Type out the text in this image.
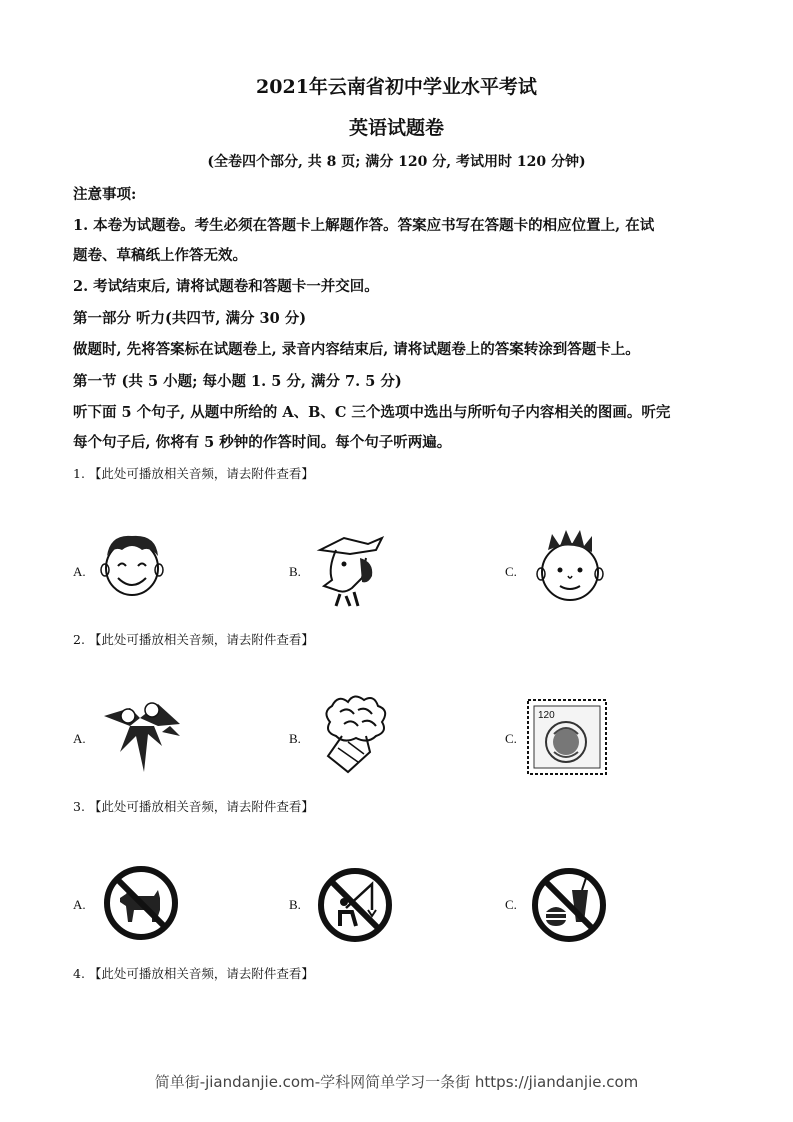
2021年云南省初中学业水平考试
英语试题卷
(全卷四个部分, 共 8 页; 满分 120 分, 考试用时 120 分钟)
注意事项:
1. 本卷为试题卷。考生必须在答题卡上解题作答。答案应书写在答题卡的相应位置上, 在试
题卷、草稿纸上作答无效。
2. 考试结束后, 请将试题卷和答题卡一并交回。
第一部分 听力(共四节, 满分 30 分)
做题时, 先将答案标在试题卷上, 录音内容结束后, 请将试题卷上的答案转涂到答题卡上。
第一节 (共 5 小题; 每小题 1. 5 分, 满分 7. 5 分)
听下面 5 个句子, 从题中所给的 A、B、C 三个选项中选出与所听句子内容相关的图画。听完
每个句子后, 你将有 5 秒钟的作答时间。每个句子听两遍。
1. 【此处可播放相关音频，请去附件查看】
A.	B.	C.
2. 【此处可播放相关音频，请去附件查看】
A.	B.	C.
120
3. 【此处可播放相关音频，请去附件查看】
A.	B.	C.
4. 【此处可播放相关音频，请去附件查看】
简单街-jiandanjie.com-学科网简单学习一条街 https://jiandanjie.com
